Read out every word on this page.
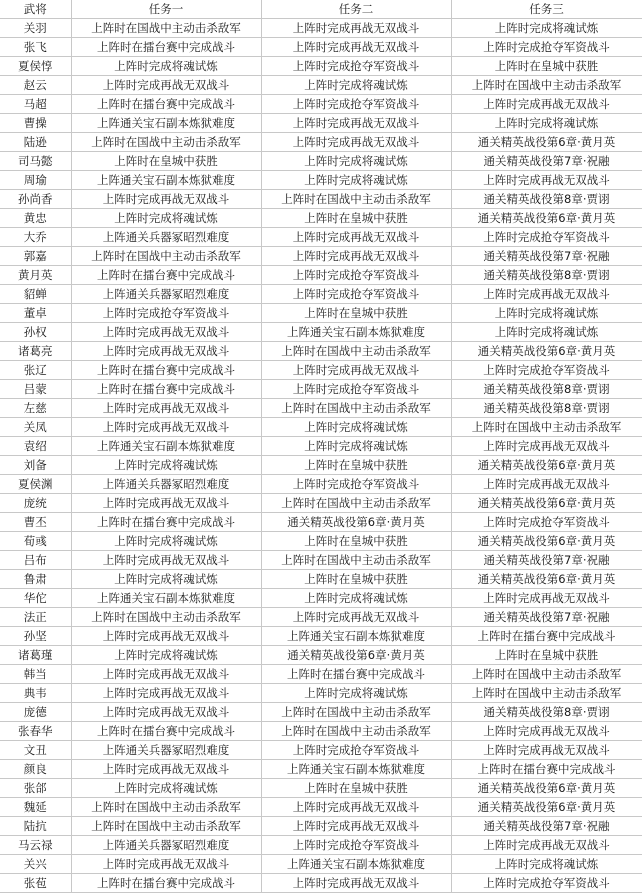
武将	任务一	任务二	任务三
关羽	上阵时在国战中主动击杀敌军	上阵时完成再战无双战斗	上阵时完成将魂试炼
张飞	上阵时在擂台赛中完成战斗	上阵时完成再战无双战斗	上阵时完成抢夺军资战斗
夏侯惇	上阵时完成将魂试炼	上阵时完成抢夺军资战斗	上阵时在皇城中获胜
赵云	上阵时完成再战无双战斗	上阵时完成将魂试炼	上阵时在国战中主动击杀敌军
马超	上阵时在擂台赛中完成战斗	上阵时完成抢夺军资战斗	上阵时完成再战无双战斗
曹操	上阵通关宝石副本炼狱难度	上阵时完成再战无双战斗	上阵时完成将魂试炼
陆逊	上阵时在国战中主动击杀敌军	上阵时完成再战无双战斗	通关精英战役第6章·黄月英
司马懿	上阵时在皇城中获胜	上阵时完成将魂试炼	通关精英战役第7章·祝融
周瑜	上阵通关宝石副本炼狱难度	上阵时完成将魂试炼	上阵时完成再战无双战斗
孙尚香	上阵时完成再战无双战斗	上阵时在国战中主动击杀敌军	通关精英战役第8章·贾诩
黄忠	上阵时完成将魂试炼	上阵时在皇城中获胜	通关精英战役第6章·黄月英
大乔	上阵通关兵器冢昭烈难度	上阵时完成再战无双战斗	上阵时完成抢夺军资战斗
郭嘉	上阵时在国战中主动击杀敌军	上阵时完成再战无双战斗	通关精英战役第7章·祝融
黄月英	上阵时在擂台赛中完成战斗	上阵时完成抢夺军资战斗	通关精英战役第8章·贾诩
貂蝉	上阵通关兵器冢昭烈难度	上阵时完成抢夺军资战斗	上阵时完成再战无双战斗
董卓	上阵时完成抢夺军资战斗	上阵时在皇城中获胜	上阵时完成将魂试炼
孙权	上阵时完成再战无双战斗	上阵通关宝石副本炼狱难度	上阵时完成将魂试炼
诸葛亮	上阵时完成再战无双战斗	上阵时在国战中主动击杀敌军	通关精英战役第6章·黄月英
张辽	上阵时在擂台赛中完成战斗	上阵时完成再战无双战斗	上阵时完成抢夺军资战斗
吕蒙	上阵时在擂台赛中完成战斗	上阵时完成抢夺军资战斗	通关精英战役第8章·贾诩
左慈	上阵时完成再战无双战斗	上阵时在国战中主动击杀敌军	通关精英战役第8章·贾诩
关凤	上阵时完成再战无双战斗	上阵时完成将魂试炼	上阵时在国战中主动击杀敌军
袁绍	上阵通关宝石副本炼狱难度	上阵时完成将魂试炼	上阵时完成再战无双战斗
刘备	上阵时完成将魂试炼	上阵时在皇城中获胜	通关精英战役第6章·黄月英
夏侯渊	上阵通关兵器冢昭烈难度	上阵时完成抢夺军资战斗	上阵时完成再战无双战斗
庞统	上阵时完成再战无双战斗	上阵时在国战中主动击杀敌军	通关精英战役第6章·黄月英
曹丕	上阵时在擂台赛中完成战斗	通关精英战役第6章·黄月英	上阵时完成抢夺军资战斗
荀彧	上阵时完成将魂试炼	上阵时在皇城中获胜	通关精英战役第6章·黄月英
吕布	上阵时完成再战无双战斗	上阵时在国战中主动击杀敌军	通关精英战役第7章·祝融
鲁肃	上阵时完成将魂试炼	上阵时在皇城中获胜	通关精英战役第6章·黄月英
华佗	上阵通关宝石副本炼狱难度	上阵时完成将魂试炼	上阵时完成再战无双战斗
法正	上阵时在国战中主动击杀敌军	上阵时完成再战无双战斗	通关精英战役第7章·祝融
孙坚	上阵时完成再战无双战斗	上阵通关宝石副本炼狱难度	上阵时在擂台赛中完成战斗
诸葛瑾	上阵时完成将魂试炼	通关精英战役第6章·黄月英	上阵时在皇城中获胜
韩当	上阵时完成再战无双战斗	上阵时在擂台赛中完成战斗	上阵时在国战中主动击杀敌军
典韦	上阵时完成再战无双战斗	上阵时完成将魂试炼	上阵时在国战中主动击杀敌军
庞德	上阵时完成再战无双战斗	上阵时在国战中主动击杀敌军	通关精英战役第8章·贾诩
张春华	上阵时在擂台赛中完成战斗	上阵时在国战中主动击杀敌军	上阵时完成再战无双战斗
文丑	上阵通关兵器冢昭烈难度	上阵时完成抢夺军资战斗	上阵时完成再战无双战斗
颜良	上阵时完成再战无双战斗	上阵通关宝石副本炼狱难度	上阵时在擂台赛中完成战斗
张郃	上阵时完成将魂试炼	上阵时在皇城中获胜	通关精英战役第6章·黄月英
魏延	上阵时在国战中主动击杀敌军	上阵时完成再战无双战斗	通关精英战役第6章·黄月英
陆抗	上阵时在国战中主动击杀敌军	上阵时完成再战无双战斗	通关精英战役第7章·祝融
马云禄	上阵通关兵器冢昭烈难度	上阵时完成抢夺军资战斗	上阵时完成再战无双战斗
关兴	上阵时完成再战无双战斗	上阵通关宝石副本炼狱难度	上阵时完成将魂试炼
张苞	上阵时在擂台赛中完成战斗	上阵时完成再战无双战斗	上阵时完成抢夺军资战斗
